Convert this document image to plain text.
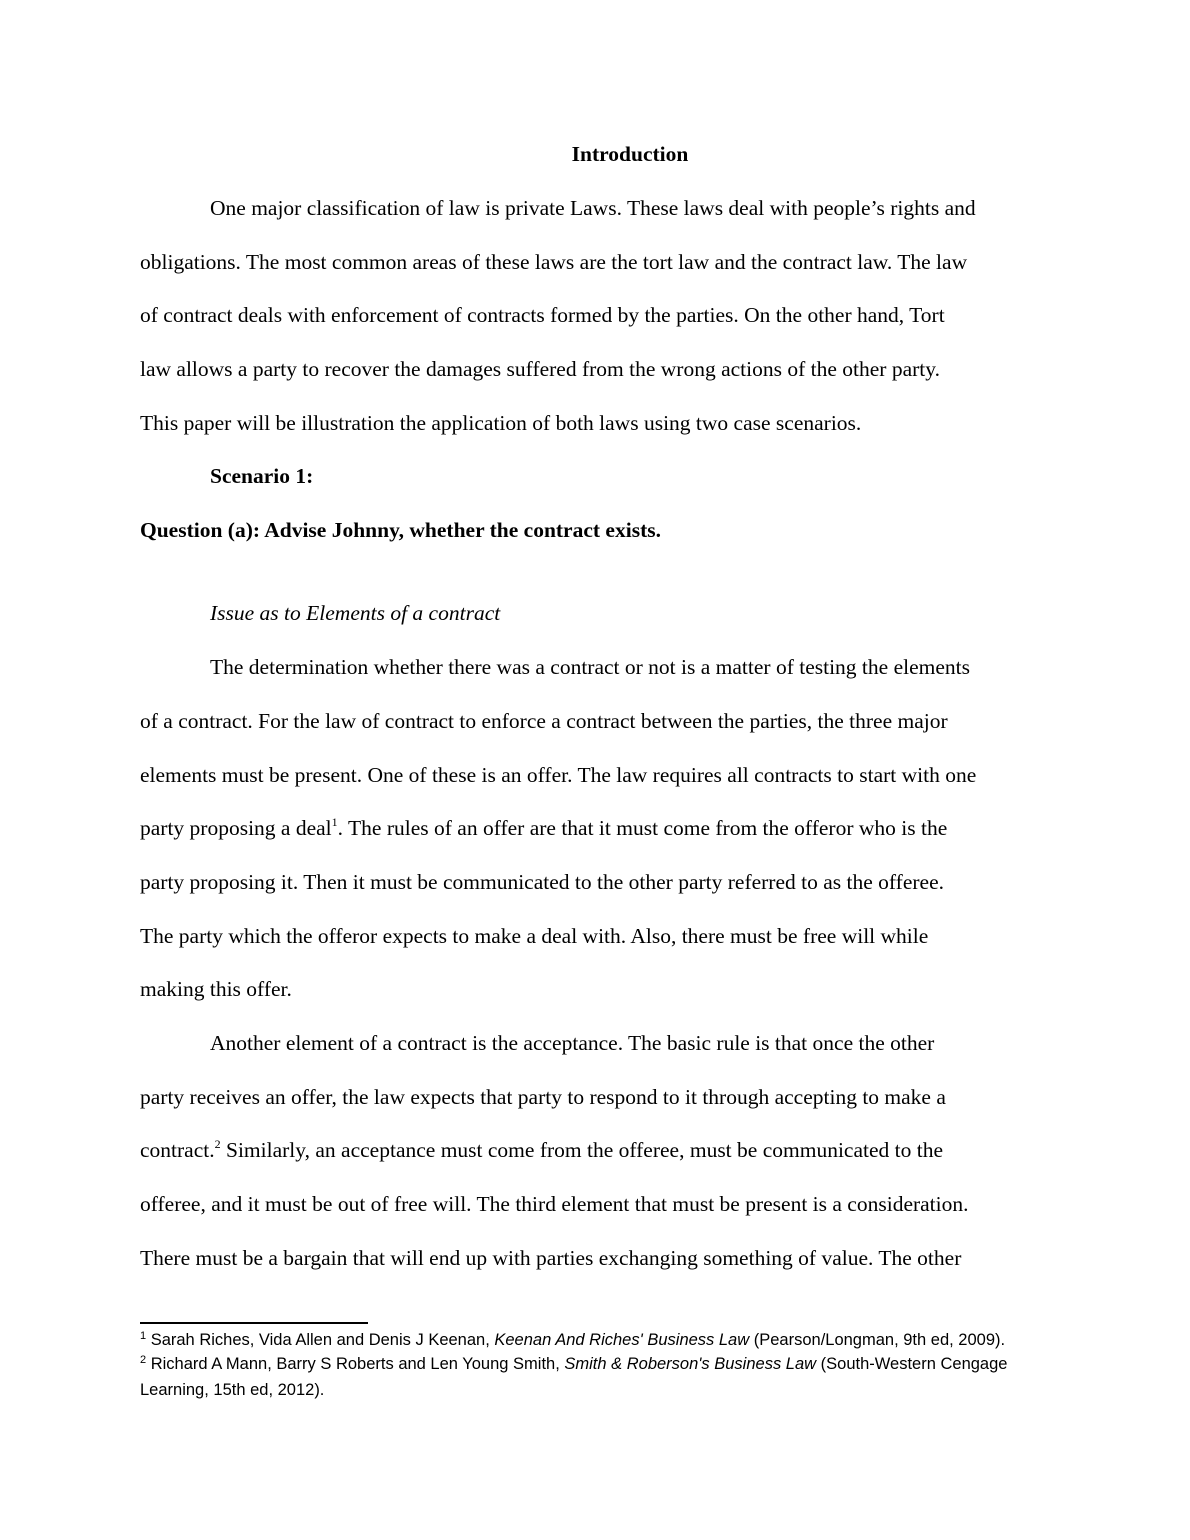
Introduction
One major classification of law is private Laws. These laws deal with people’s rights and
obligations. The most common areas of these laws are the tort law and the contract law. The law
of contract deals with enforcement of contracts formed by the parties. On the other hand, Tort
law allows a party to recover the damages suffered from the wrong actions of the other party.
This paper will be illustration the application of both laws using two case scenarios.
Scenario 1:
Question (a): Advise Johnny, whether the contract exists.
Issue as to Elements of a contract
The determination whether there was a contract or not is a matter of testing the elements
of a contract. For the law of contract to enforce a contract between the parties, the three major
elements must be present. One of these is an offer. The law requires all contracts to start with one
party proposing a deal$^1$. The rules of an offer are that it must come from the offeror who is the
party proposing it. Then it must be communicated to the other party referred to as the offeree.
The party which the offeror expects to make a deal with. Also, there must be free will while
making this offer.
Another element of a contract is the acceptance. The basic rule is that once the other
party receives an offer, the law expects that party to respond to it through accepting to make a
contract.$^2$ Similarly, an acceptance must come from the offeree, must be communicated to the
offeree, and it must be out of free will. The third element that must be present is a consideration.
There must be a bargain that will end up with parties exchanging something of value. The other
$^1$ Sarah Riches, Vida Allen and Denis J Keenan, Keenan And Riches' Business Law (Pearson/Longman, 9th ed, 2009).
$^2$ Richard A Mann, Barry S Roberts and Len Young Smith, Smith & Roberson's Business Law (South-Western Cengage Learning, 15th ed, 2012).
